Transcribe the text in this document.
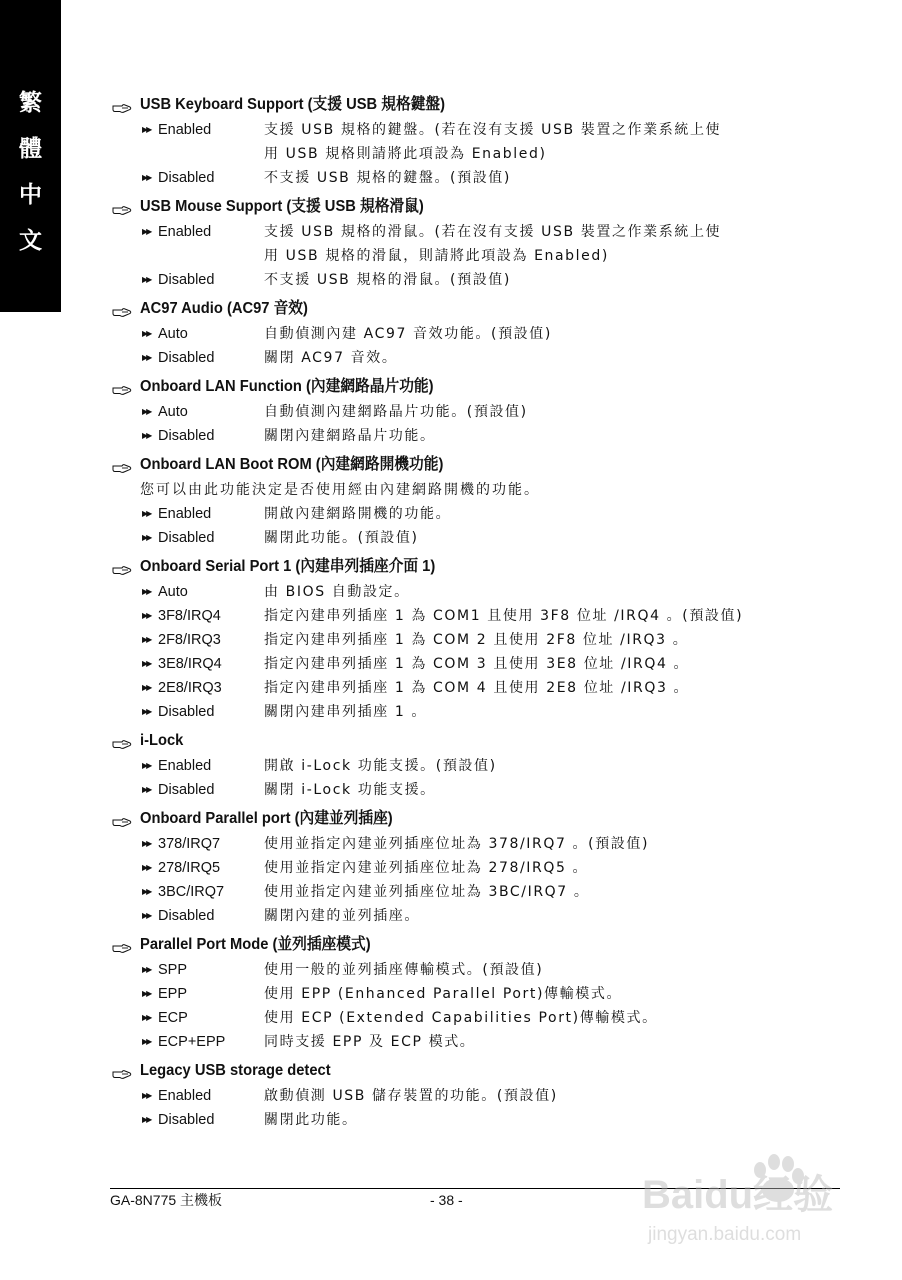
繁
體
中
文
USB Keyboard Support (支援 USB 規格鍵盤)
▶▶ Enabled	支援 USB 規格的鍵盤。(若在沒有支援 USB 裝置之作業系統上使
用 USB 規格則請將此項設為 Enabled)
▶▶ Disabled	不支援 USB 規格的鍵盤。(預設值)
USB Mouse Support (支援 USB 規格滑鼠)
▶▶ Enabled	支援 USB 規格的滑鼠。(若在沒有支援 USB 裝置之作業系統上使
用 USB 規格的滑鼠，則請將此項設為 Enabled)
▶▶ Disabled	不支援 USB 規格的滑鼠。(預設值)
AC97 Audio (AC97 音效)
▶▶ Auto	自動偵測內建 AC97 音效功能。(預設值)
▶▶ Disabled	關閉 AC97 音效。
Onboard LAN Function (內建網路晶片功能)
▶▶ Auto	自動偵測內建網路晶片功能。(預設值)
▶▶ Disabled	關閉內建網路晶片功能。
Onboard LAN Boot ROM (內建網路開機功能)
您可以由此功能決定是否使用經由內建網路開機的功能。
▶▶ Enabled	開啟內建網路開機的功能。
▶▶ Disabled	關閉此功能。(預設值)
Onboard Serial Port 1 (內建串列插座介面 1)
▶▶ Auto	由 BIOS 自動設定。
▶▶ 3F8/IRQ4	指定內建串列插座 1 為 COM1 且使用 3F8 位址 /IRQ4 。(預設值)
▶▶ 2F8/IRQ3	指定內建串列插座 1 為 COM 2 且使用 2F8 位址 /IRQ3 。
▶▶ 3E8/IRQ4	指定內建串列插座 1 為 COM 3 且使用 3E8 位址 /IRQ4 。
▶▶ 2E8/IRQ3	指定內建串列插座 1 為 COM 4 且使用 2E8 位址 /IRQ3 。
▶▶ Disabled	關閉內建串列插座 1 。
i-Lock
▶▶ Enabled	開啟 i-Lock 功能支援。(預設值)
▶▶ Disabled	關閉 i-Lock 功能支援。
Onboard Parallel port (內建並列插座)
▶▶ 378/IRQ7	使用並指定內建並列插座位址為 378/IRQ7 。(預設值)
▶▶ 278/IRQ5	使用並指定內建並列插座位址為 278/IRQ5 。
▶▶ 3BC/IRQ7	使用並指定內建並列插座位址為 3BC/IRQ7 。
▶▶ Disabled	關閉內建的並列插座。
Parallel Port Mode (並列插座模式)
▶▶ SPP	使用一般的並列插座傳輸模式。(預設值)
▶▶ EPP	使用 EPP (Enhanced Parallel Port)傳輸模式。
▶▶ ECP	使用 ECP (Extended Capabilities Port)傳輸模式。
▶▶ ECP+EPP	同時支援 EPP 及 ECP 模式。
Legacy USB storage detect
▶▶ Enabled	啟動偵測 USB 儲存裝置的功能。(預設值)
▶▶ Disabled	關閉此功能。
GA-8N775 主機板	- 38 -	Baidu经验
jingyan.baidu.com
